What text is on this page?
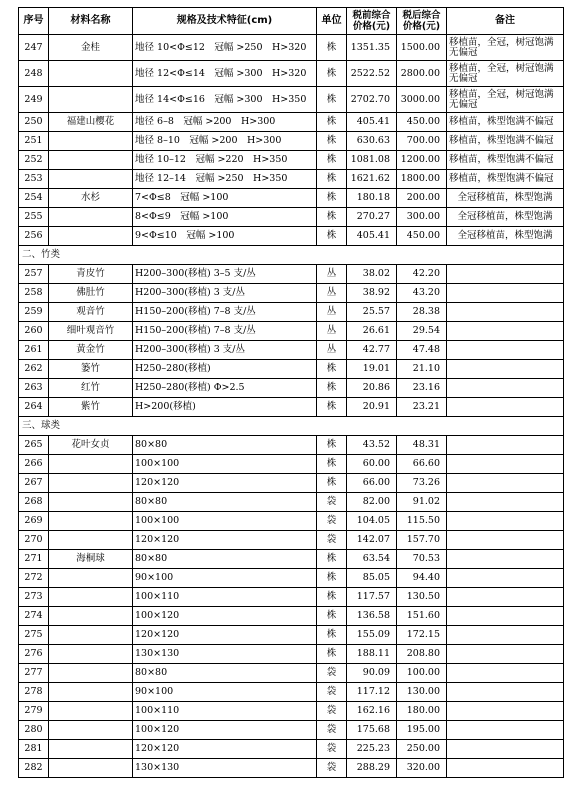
序号	材料名称	规格及技术特征(cm)	单位	税前综合价格(元)	税后综合价格(元)	备注
247	金桂	地径 10<Φ≤12　冠幅 >250　H>320	株	1351.35	1500.00	移植苗，全冠，树冠饱满无偏冠
248		地径 12<Φ≤14　冠幅 >300　H>320	株	2522.52	2800.00	移植苗，全冠，树冠饱满无偏冠
249		地径 14<Φ≤16　冠幅 >300　H>350	株	2702.70	3000.00	移植苗，全冠，树冠饱满无偏冠
250	福建山樱花	地径 6–8　冠幅 >200　H>300	株	405.41	450.00	移植苗，株型饱满不偏冠
251		地径 8–10　冠幅 >200　H>300	株	630.63	700.00	移植苗，株型饱满不偏冠
252		地径 10–12　冠幅 >220　H>350	株	1081.08	1200.00	移植苗，株型饱满不偏冠
253		地径 12–14　冠幅 >250　H>350	株	1621.62	1800.00	移植苗，株型饱满不偏冠
254	水杉	7<Φ≤8　冠幅 >100	株	180.18	200.00	全冠移植苗，株型饱满
255		8<Φ≤9　冠幅 >100	株	270.27	300.00	全冠移植苗，株型饱满
256		9<Φ≤10　冠幅 >100	株	405.41	450.00	全冠移植苗，株型饱满
二、竹类						
257	青皮竹	H200–300(移植) 3–5 支/丛	丛	38.02	42.20	
258	佛肚竹	H200–300(移植) 3 支/丛	丛	38.92	43.20	
259	观音竹	H150–200(移植) 7–8 支/丛	丛	25.57	28.38	
260	细叶观音竹	H150–200(移植) 7–8 支/丛	丛	26.61	29.54	
261	黄金竹	H200–300(移植) 3 支/丛	丛	42.77	47.48	
262	篓竹	H250–280(移植)	株	19.01	21.10	
263	红竹	H250–280(移植) Φ>2.5	株	20.86	23.16	
264	紫竹	H>200(移植)	株	20.91	23.21	
三、球类						
265	花叶女贞	80×80	株	43.52	48.31	
266		100×100	株	60.00	66.60	
267		120×120	株	66.00	73.26	
268		80×80	袋	82.00	91.02	
269		100×100	袋	104.05	115.50	
270		120×120	袋	142.07	157.70	
271	海桐球	80×80	株	63.54	70.53	
272		90×100	株	85.05	94.40	
273		100×110	株	117.57	130.50	
274		100×120	株	136.58	151.60	
275		120×120	株	155.09	172.15	
276		130×130	株	188.11	208.80	
277		80×80	袋	90.09	100.00	
278		90×100	袋	117.12	130.00	
279		100×110	袋	162.16	180.00	
280		100×120	袋	175.68	195.00	
281		120×120	袋	225.23	250.00	
282		130×130	袋	288.29	320.00	
